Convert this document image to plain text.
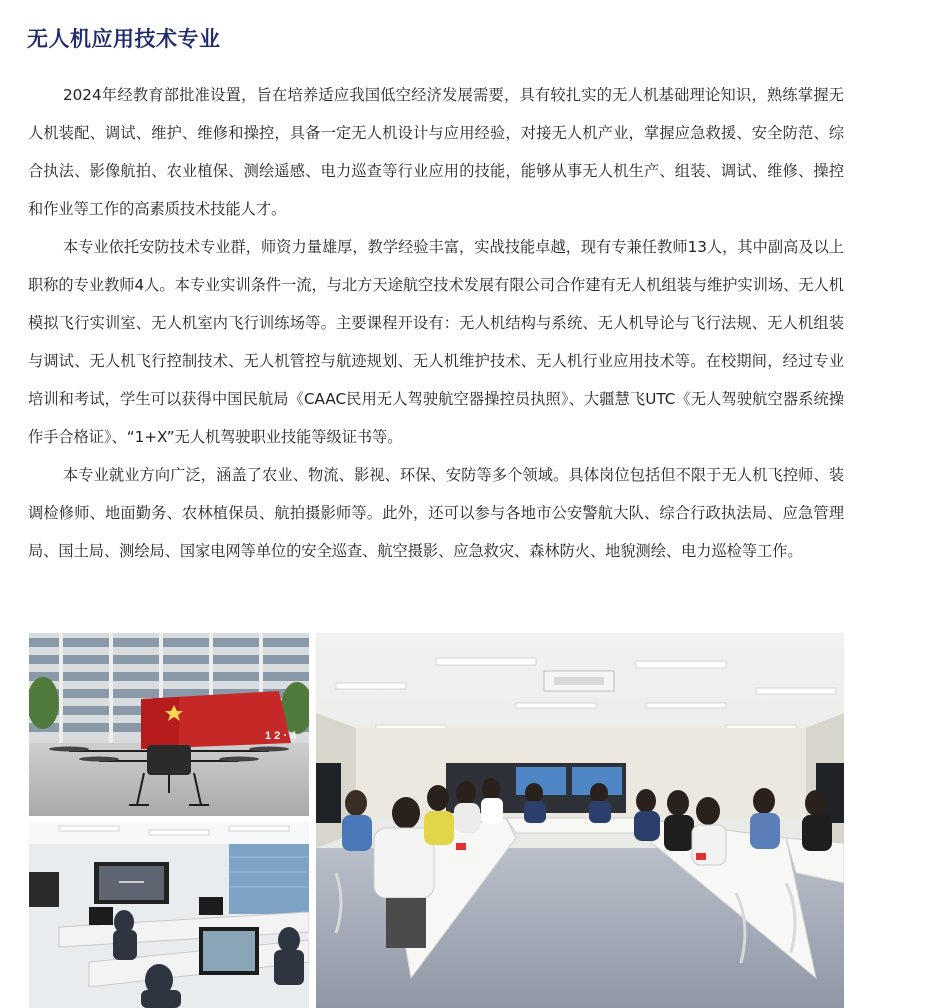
无人机应用技术专业

2024年经教育部批准设置，旨在培养适应我国低空经济发展需要，具有较扎实的无人机基础理论知识，熟练掌握无人机装配、调试、维护、维修和操控，具备一定无人机设计与应用经验，对接无人机产业，掌握应急救援、安全防范、综合执法、影像航拍、农业植保、测绘遥感、电力巡查等行业应用的技能，能够从事无人机生产、组装、调试、维修、操控和作业等工作的高素质技术技能人才。

本专业依托安防技术专业群，师资力量雄厚，教学经验丰富，实战技能卓越，现有专兼任教师13人，其中副高及以上职称的专业教师4人。本专业实训条件一流，与北方天途航空技术发展有限公司合作建有无人机组装与维护实训场、无人机模拟飞行实训室、无人机室内飞行训练场等。主要课程开设有：无人机结构与系统、无人机导论与飞行法规、无人机组装与调试、无人机飞行控制技术、无人机管控与航迹规划、无人机维护技术、无人机行业应用技术等。在校期间，经过专业培训和考试，学生可以获得中国民航局《CAAC民用无人驾驶航空器操控员执照》、大疆慧飞UTC《无人驾驶航空器系统操作手合格证》、“1+X”无人机驾驶职业技能等级证书等。

本专业就业方向广泛，涵盖了农业、物流、影视、环保、安防等多个领域。具体岗位包括但不限于无人机飞控师、装调检修师、地面勤务、农林植保员、航拍摄影师等。此外，还可以参与各地市公安警航大队、综合行政执法局、应急管理局、国土局、测绘局、国家电网等单位的安全巡查、航空摄影、应急救灾、森林防火、地貌测绘、电力巡检等工作。

1 2 · 4
